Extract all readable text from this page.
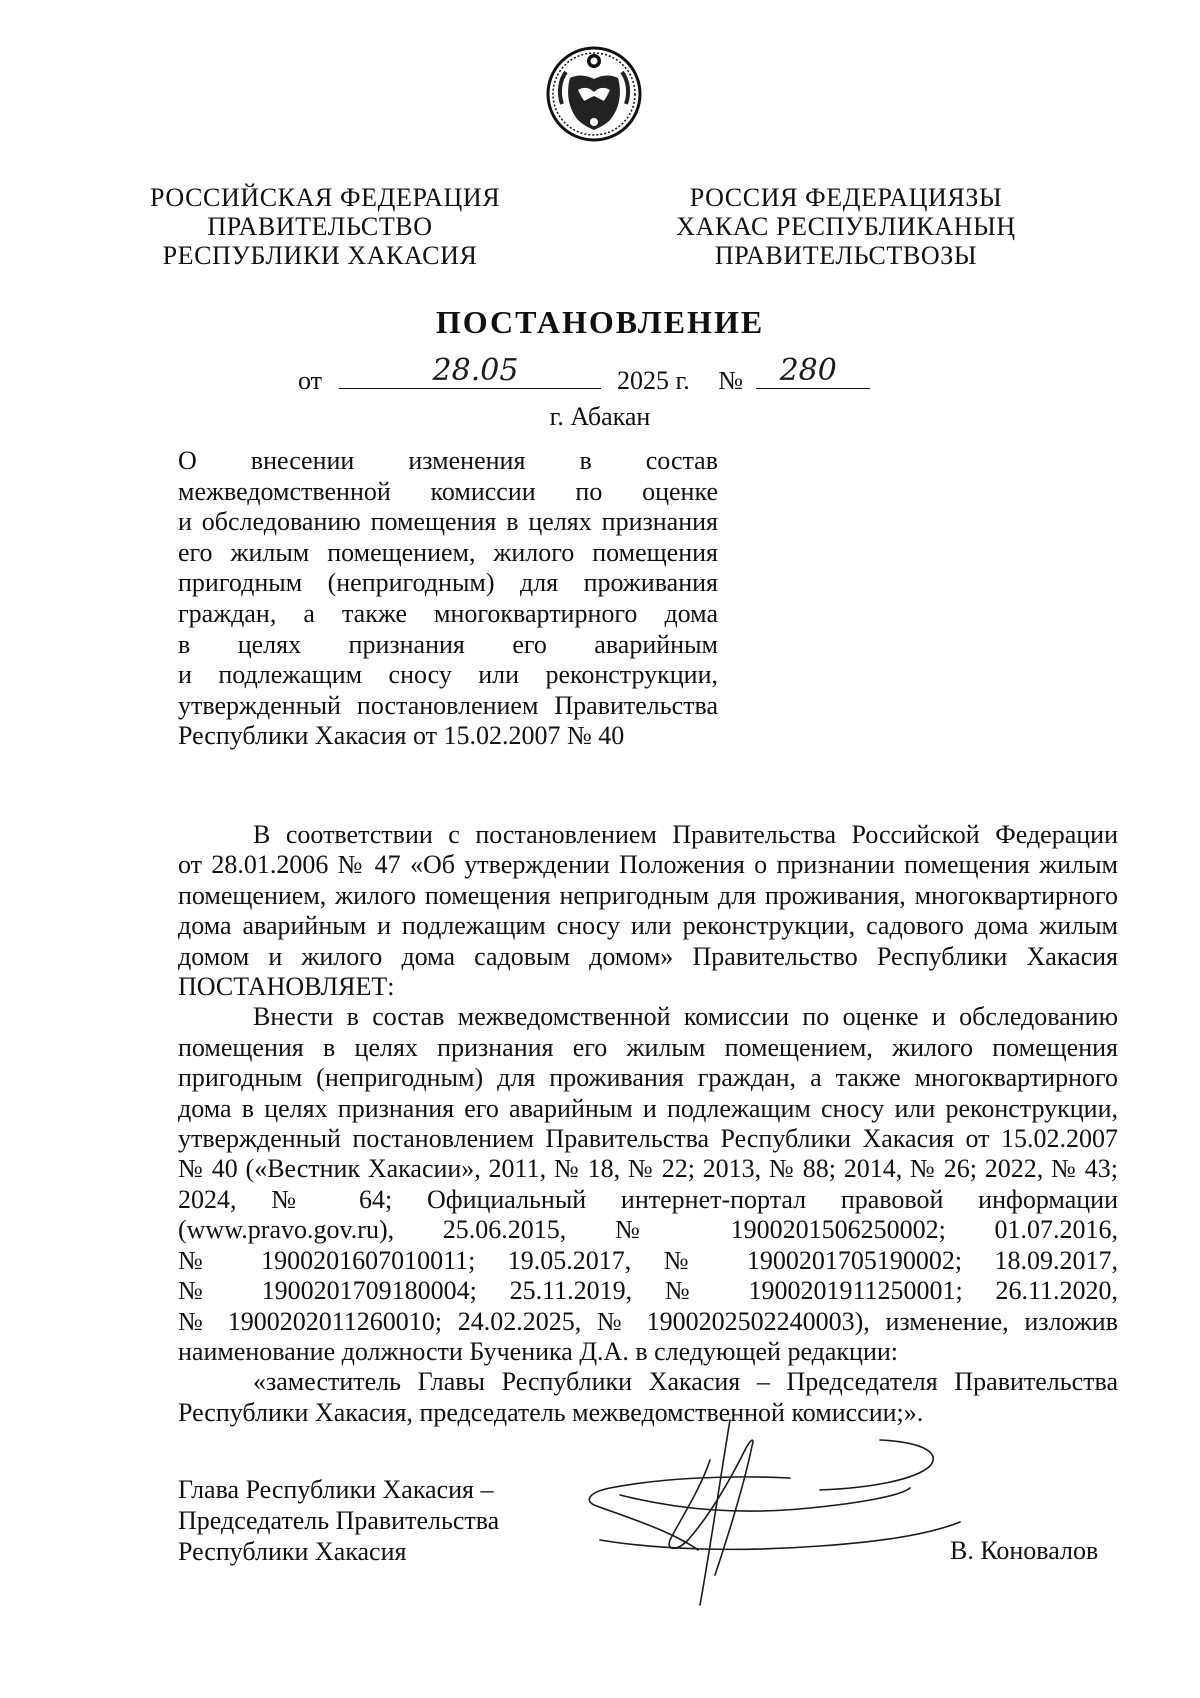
РОССИЙСКАЯ ФЕДЕРАЦИЯ
ПРАВИТЕЛЬСТВО
РЕСПУБЛИКИ ХАКАСИЯ
РОССИЯ ФЕДЕРАЦИЯЗЫ
ХАКАС РЕСПУБЛИКАНЫҢ
ПРАВИТЕЛЬСТВОЗЫ
ПОСТАНОВЛЕНИЕ
от	28.05	2025 г. № 280
г. Абакан
О внесении изменения в состав
межведомственной комиссии по оценке
и обследованию помещения в целях признания
его жилым помещением, жилого помещения
пригодным (непригодным) для проживания
граждан, а также многоквартирного дома
в целях признания его аварийным
и подлежащим сносу или реконструкции,
утвержденный постановлением Правительства
Республики Хакасия от 15.02.2007 № 40
В соответствии с постановлением Правительства Российской Федерации
от 28.01.2006 № 47 «Об утверждении Положения о признании помещения жилым
помещением, жилого помещения непригодным для проживания, многоквартирного
дома аварийным и подлежащим сносу или реконструкции, садового дома жилым
домом и жилого дома садовым домом» Правительство Республики Хакасия
ПОСТАНОВЛЯЕТ:
Внести в состав межведомственной комиссии по оценке и обследованию
помещения в целях признания его жилым помещением, жилого помещения
пригодным (непригодным) для проживания граждан, а также многоквартирного
дома в целях признания его аварийным и подлежащим сносу или реконструкции,
утвержденный постановлением Правительства Республики Хакасия от 15.02.2007
№ 40 («Вестник Хакасии», 2011, № 18, № 22; 2013, № 88; 2014, № 26; 2022, № 43;
2024, № 64; Официальный интернет-портал правовой информации
(www.pravo.gov.ru), 25.06.2015, № 1900201506250002; 01.07.2016,
№ 1900201607010011; 19.05.2017, № 1900201705190002; 18.09.2017,
№ 1900201709180004; 25.11.2019, № 1900201911250001; 26.11.2020,
№ 1900202011260010; 24.02.2025, № 1900202502240003), изменение, изложив
наименование должности Бученика Д.А. в следующей редакции:
«заместитель Главы Республики Хакасия – Председателя Правительства
Республики Хакасия, председатель межведомственной комиссии;».
Глава Республики Хакасия –
Председатель Правительства
Республики Хакасия	В. Коновалов
